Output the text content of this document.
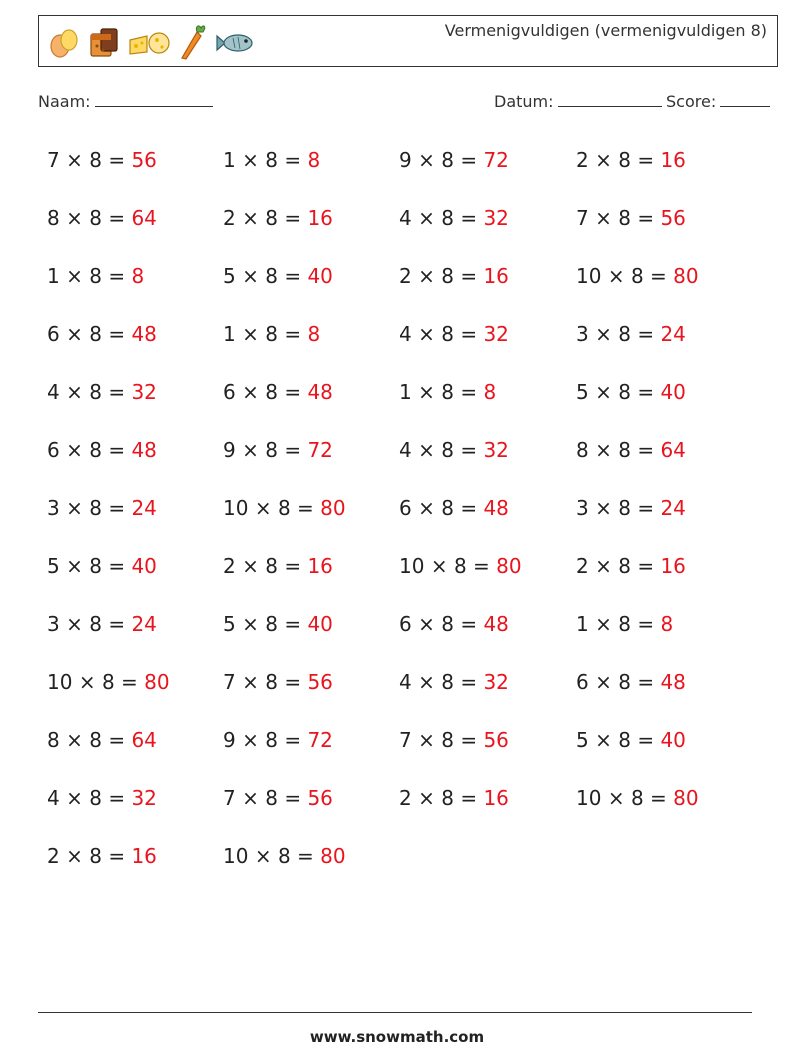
Vermenigvuldigen (vermenigvuldigen 8)
Naam:	Datum:	Score:
7 × 8 = 56	1 × 8 = 8	9 × 8 = 72	2 × 8 = 16
8 × 8 = 64	2 × 8 = 16	4 × 8 = 32	7 × 8 = 56
1 × 8 = 8	5 × 8 = 40	2 × 8 = 16	10 × 8 = 80
6 × 8 = 48	1 × 8 = 8	4 × 8 = 32	3 × 8 = 24
4 × 8 = 32	6 × 8 = 48	1 × 8 = 8	5 × 8 = 40
6 × 8 = 48	9 × 8 = 72	4 × 8 = 32	8 × 8 = 64
3 × 8 = 24	10 × 8 = 80	6 × 8 = 48	3 × 8 = 24
5 × 8 = 40	2 × 8 = 16	10 × 8 = 80	2 × 8 = 16
3 × 8 = 24	5 × 8 = 40	6 × 8 = 48	1 × 8 = 8
10 × 8 = 80	7 × 8 = 56	4 × 8 = 32	6 × 8 = 48
8 × 8 = 64	9 × 8 = 72	7 × 8 = 56	5 × 8 = 40
4 × 8 = 32	7 × 8 = 56	2 × 8 = 16	10 × 8 = 80
2 × 8 = 16	10 × 8 = 80
www.snowmath.com
